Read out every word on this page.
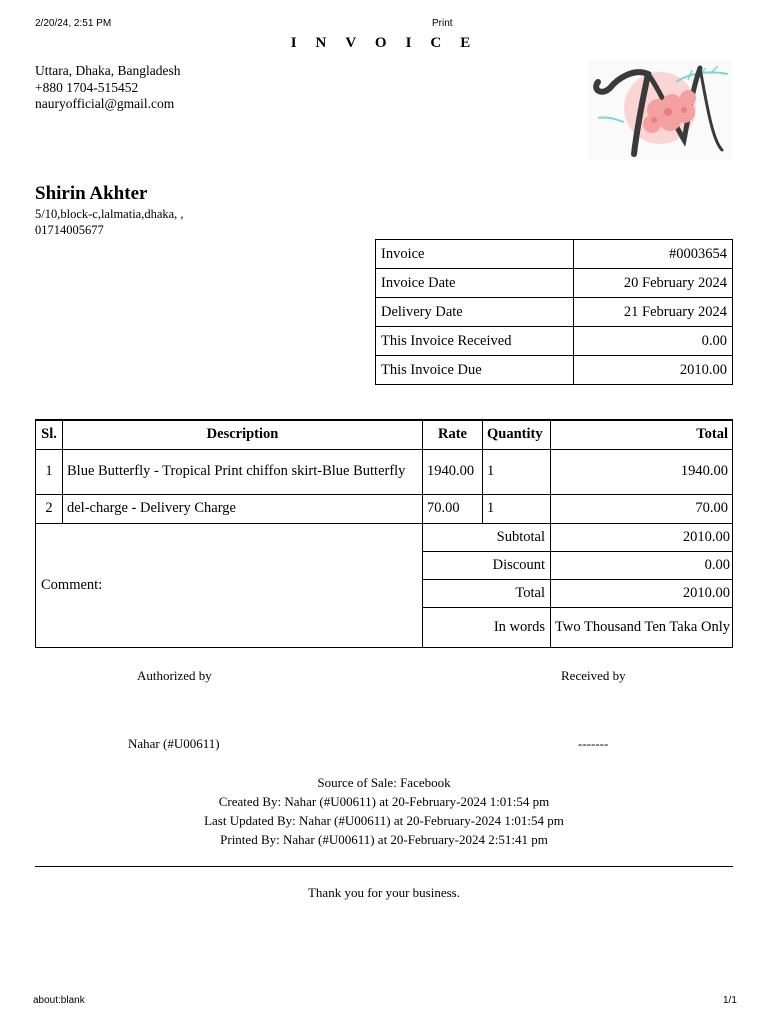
2/20/24, 2:51 PM	Print
about:blank	1/1
INVOICE
Uttara, Dhaka, Bangladesh
+880 1704-515452
nauryofficial@gmail.com
Shirin Akhter
5/10,block-c,lalmatia,dhaka, ,
01714005677
Invoice	#0003654
Invoice Date	20 February 2024
Delivery Date	21 February 2024
This Invoice Received	0.00
This Invoice Due	2010.00
Sl.	Description	Rate	Quantity	Total
1	Blue Butterfly - Tropical Print chiffon skirt-Blue Butterfly	1940.00	1	1940.00
2	del-charge - Delivery Charge	70.00	1	70.00
Comment:		Subtotal		2010.00
		Discount		0.00
		Total		2010.00
		In words		Two Thousand Ten Taka Only
Authorized by	Received by
Nahar (#U00611)	-------
Source of Sale: Facebook
Created By: Nahar (#U00611) at 20-February-2024 1:01:54 pm
Last Updated By: Nahar (#U00611) at 20-February-2024 1:01:54 pm
Printed By: Nahar (#U00611) at 20-February-2024 2:51:41 pm
Thank you for your business.
